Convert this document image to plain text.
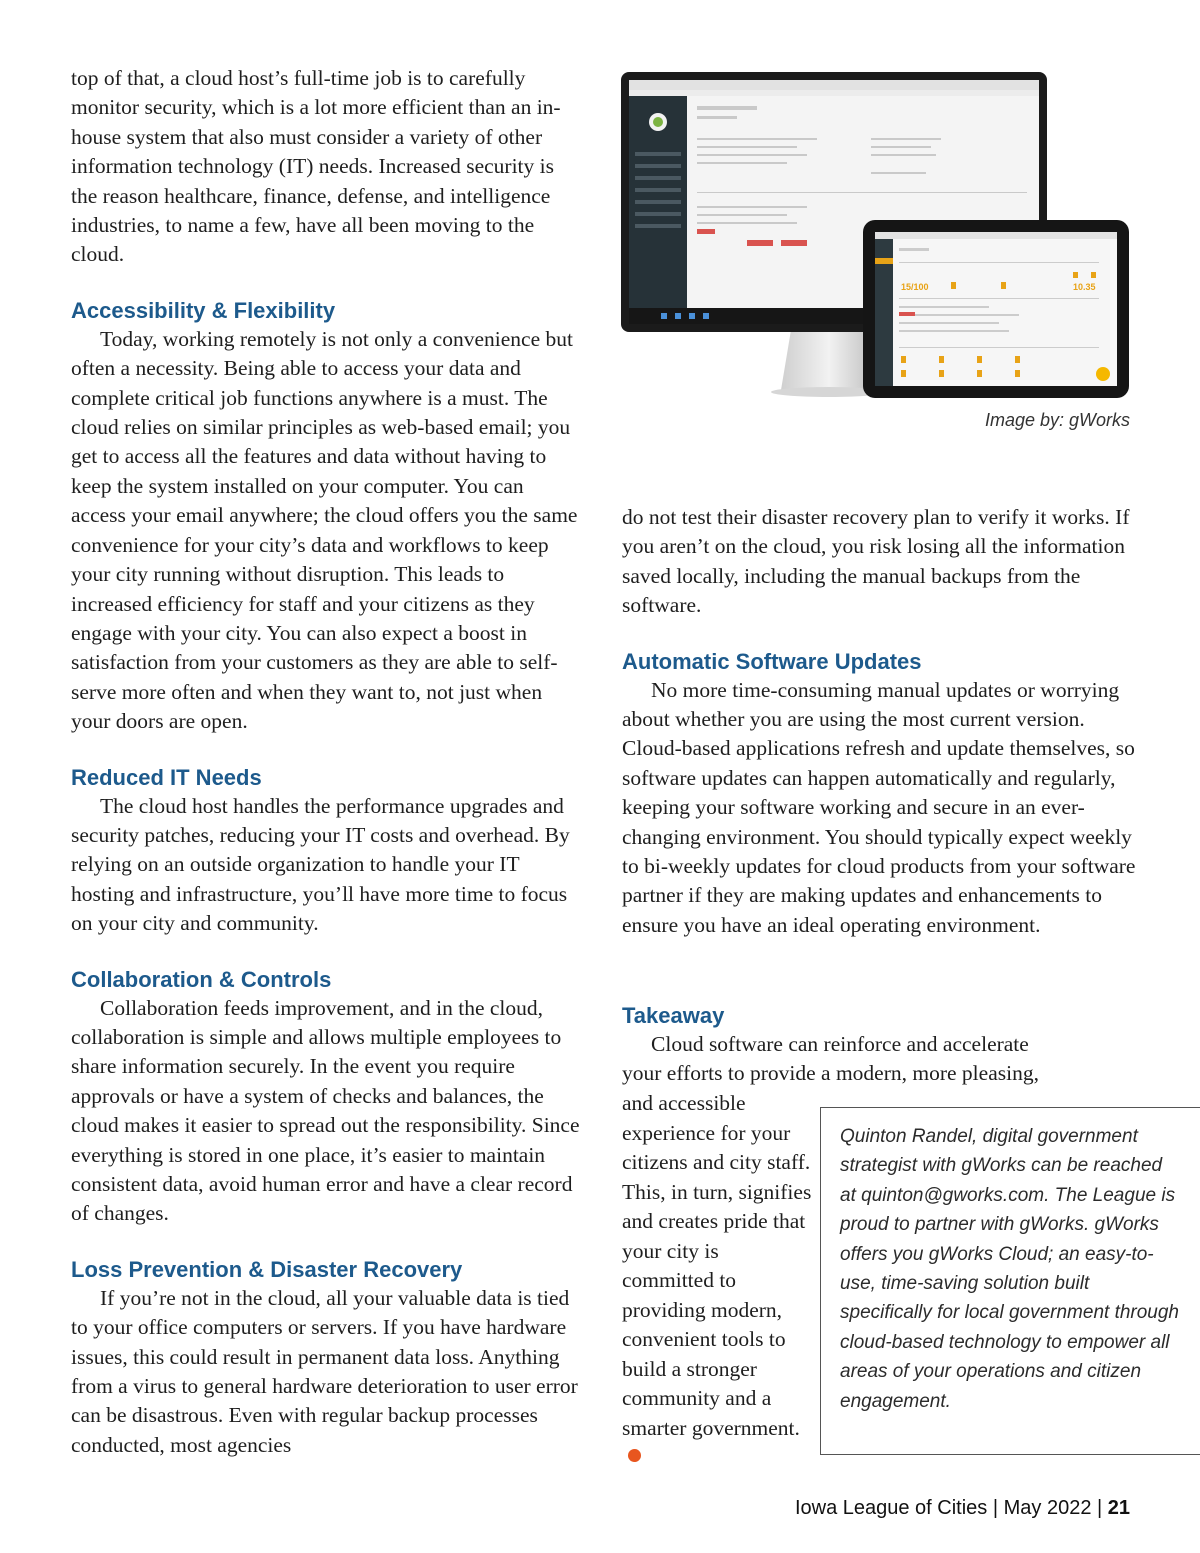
top of that, a cloud host’s full-time job is to carefully monitor security, which is a lot more efficient than an in-house system that also must consider a variety of other information technology (IT) needs. Increased security is the reason healthcare, finance, defense, and intelligence industries, to name a few, have all been moving to the cloud.

Accessibility & Flexibility

Today, working remotely is not only a convenience but often a necessity. Being able to access your data and complete critical job functions anywhere is a must. The cloud relies on similar principles as web-based email; you get to access all the features and data without having to keep the system installed on your computer. You can access your email anywhere; the cloud offers you the same convenience for your city’s data and workflows to keep your city running without disruption. This leads to increased efficiency for staff and your citizens as they engage with your city. You can also expect a boost in satisfaction from your customers as they are able to self-serve more often and when they want to, not just when your doors are open.

Reduced IT Needs

The cloud host handles the performance upgrades and security patches, reducing your IT costs and overhead. By relying on an outside organization to handle your IT hosting and infrastructure, you’ll have more time to focus on your city and community.

Collaboration & Controls

Collaboration feeds improvement, and in the cloud, collaboration is simple and allows multiple employees to share information securely. In the event you require approvals or have a system of checks and balances, the cloud makes it easier to spread out the responsibility. Since everything is stored in one place, it’s easier to maintain consistent data, avoid human error and have a clear record of changes.

Loss Prevention & Disaster Recovery

If you’re not in the cloud, all your valuable data is tied to your office computers or servers. If you have hardware issues, this could result in permanent data loss. Anything from a virus to general hardware deterioration to user error can be disastrous. Even with regular backup processes conducted, most agencies

15/100	10.35
Image by: gWorks

do not test their disaster recovery plan to verify it works. If you aren’t on the cloud, you risk losing all the information saved locally, including the manual backups from the software.

Automatic Software Updates

No more time-consuming manual updates or worrying about whether you are using the most current version. Cloud-based applications refresh and update themselves, so software updates can happen automatically and regularly, keeping your software working and secure in an ever-changing environment. You should typically expect weekly to bi-weekly updates for cloud products from your software partner if they are making updates and enhancements to ensure you have an ideal operating environment.

Takeaway

Cloud software can reinforce and accelerate your efforts to provide a modern, more pleasing,

and accessible experience for your citizens and city staff. This, in turn, signifies and creates pride that your city is committed to providing modern, convenient tools to build a stronger community and a smarter government.

Quinton Randel, digital government strategist with gWorks can be reached at quinton@gworks.com. The League is proud to partner with gWorks. gWorks offers you gWorks Cloud; an easy-to-use, time-saving solution built specifically for local government through cloud-based technology to empower all areas of your operations and citizen engagement.

Iowa League of Cities | May 2022 | 21
